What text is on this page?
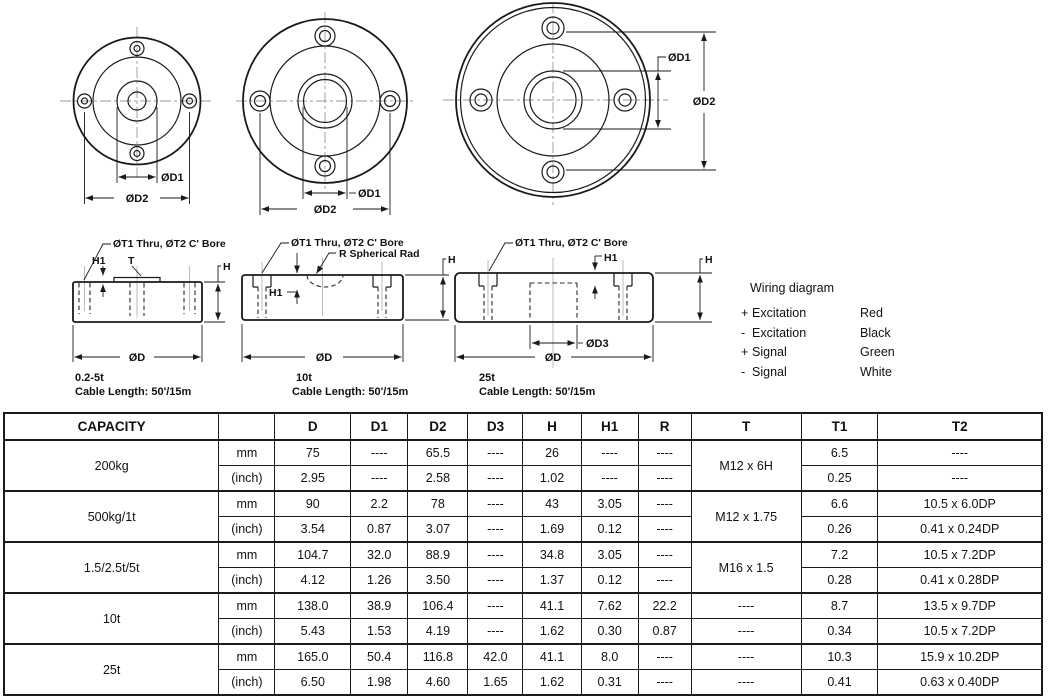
ØD1
ØD2	ØD1
ØD2
ØD1
ØD2
ØT1 Thru, ØT2 C' Bore
H1 T	H
ØD
0.2-5t
Cable Length: 50'/15m
ØT1 Thru, ØT2 C' Bore
R Spherical Rad
H1
H
ØD
10t
Cable Length: 50'/15m
ØT1 Thru, ØT2 C' Bore
H1	H
ØD3
ØD
25t
Cable Length: 50'/15m
Wiring diagram
+ Excitation	Red
- Excitation	Black
+ Signal	Green
- Signal	White
CAPACITY		D	D1	D2	D3	H	H1	R	T	T1	T2
200kg	mm	75	----	65.5	----	26	----	----	M12 x 6H	6.5	----
	(inch)	2.95	----	2.58	----	1.02	----	----		0.25	----
500kg/1t	mm	90	2.2	78	----	43	3.05	----	M12 x 1.75	6.6	10.5 x 6.0DP
	(inch)	3.54	0.87	3.07	----	1.69	0.12	----		0.26	0.41 x 0.24DP
1.5/2.5t/5t	mm	104.7	32.0	88.9	----	34.8	3.05	----	M16 x 1.5	7.2	10.5 x 7.2DP
	(inch)	4.12	1.26	3.50	----	1.37	0.12	----		0.28	0.41 x 0.28DP
10t	mm	138.0	38.9	106.4	----	41.1	7.62	22.2	----	8.7	13.5 x 9.7DP
	(inch)	5.43	1.53	4.19	----	1.62	0.30	0.87	----	0.34	10.5 x 7.2DP
25t	mm	165.0	50.4	116.8	42.0	41.1	8.0	----	----	10.3	15.9 x 10.2DP
	(inch)	6.50	1.98	4.60	1.65	1.62	0.31	----	----	0.41	0.63 x 0.40DP
